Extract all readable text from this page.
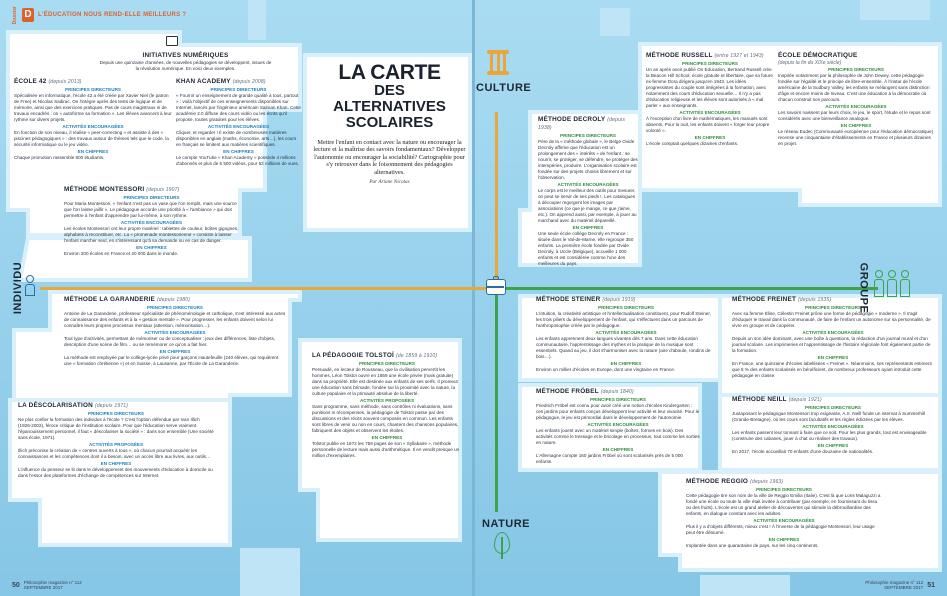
CULTURE
NATURE
INDIVIDU	GROUPE
Dossier D	L'ÉDUCATION NOUS REND-ELLE MEILLEURS ?
LA CARTE
DES
ALTERNATIVES
SCOLAIRES

Mettre l'enfant en contact avec la nature ou encourager la lecture et la maîtrise des savoirs fondamentaux? Développer l'autonomie ou encourager la sociabilité? Cartographie pour s'y retrouver dans le foisonnement des pédagogies alternatives.

Par Ariane Nicolas

INITIATIVES NUMÉRIQUES

Depuis une quinzaine d'années, de nouvelles pédagogies se développent, issues de la révolution numérique. En voici deux exemples.

ÉCOLE 42 (depuis 2013)
PRINCIPES DIRECTEURS

Spécialisée en informatique, l'école 42 a été créée par Xavier Niel (le patron de Free) et Nicolas Sadirac. On l'intègre après des tests de logique et de mémoire, ainsi que des exercices pratiques. Pas de cours magistraux ni de travaux encadrés : on « autoforme sa formation ». Les élèves avancent à leur rythme sur divers projets.

ACTIVITÉS ENCOURAGÉES

En fonction de son niveau, il réalise « peer-correcting » et assiste à des « piscines pédagogiques » : des travaux autour de thèmes tels que le code, la sécurité informatique ou le jeu vidéo.

EN CHIFFRES

Chaque promotion rassemble 800 étudiants.

KHAN ACADEMY (depuis 2008)
PRINCIPES DIRECTEURS

« Fournir un enseignement de grande qualité à tous, partout » : voilà l'objectif de ces enseignements disponibles sur Internet, lancés par l'ingénieur américain Salman Khan. Cette académie 2.0 diffuse des cours vidéo ou les écrits qu'il propose, toutes gratuites pour les élèves.

ACTIVITÉS ENCOURAGÉES

Cliquer, et regarder ! Il existe de nombreuses matières disponibles en anglais (maths, économie, arts…), les cours en français se limitent aux matières scientifiques.

EN CHIFFRES

Le compte YouTube « Khan Academy » possède 4 millions d'abonnés et plus de 5 500 vidéos, pour 52 millions de vues.

MÉTHODE MONTESSORI (depuis 1907)
PRINCIPES DIRECTEURS

Pour Maria Montessori, « l'enfant n'est pas un vase que l'on remplit, mais une source que l'on laisse jaillir ». Le pédagogue accorde une priorité à « l'ambiance » qui doit permettre à l'enfant d'apprendre par lui-même, à son rythme.

ACTIVITÉS ENCOURAGÉES

Les écoles Montessori ont leur propre matériel : tablettes de couleur, boîtes gigognes, alphabets à reconstituer, etc. La « promenade montessorienne » consiste à laisser l'enfant marcher seul, en s'intéressant qu'à sa demande ou en cas de danger.

EN CHIFFRES

Environ 200 écoles en France et 20 000 dans le monde.

MÉTHODE LA GARANDERIE (depuis 1980)
PRINCIPES DIRECTEURS

Antoine de La Garanderie, professeur spécialiste de phénoménologie et catholique, s'est intéressé aux actes de connaissance des enfants et à la « gestion mentale ». Pour progresser, les enfants doivent selon lui connaître leurs propres processus mentaux (attention, mémorisation…).

ACTIVITÉS ENCOURAGÉES

Tout type d'activités, permettant de mémoriser ou de conceptualiser : jeux des différences, liste d'objets, description d'une scène de film… ou se remémorer ce qu'on a fait hier.

EN CHIFFRES

La méthode est employée par le collège-lycée privé pour garçons Hautefeuille (240 élèves, qui requièrent une « formation chrétienne ») et en Suisse, à Lausanne, par l'École de La Garanderie.

LA DÉSCOLARISATION (depuis 1971)
PRINCIPES DIRECTEURS

Ne plus confier la formation des individus à l'école ? C'est l'option défendue par Ivan Illich (1926-2002), féroce critique de l'institution scolaire. Pour que l'éducation serve vraiment l'épanouissement personnel, il faut « déscolariser la société » : dans son ensemble (Une société sans école, 1971).

ACTIVITÉS PROPOSÉES

Illich préconise la création de « centres ouverts à tous », où chacun pourrait acquérir les connaissances et les compétences dont il a besoin, avec un accès libre aux livres, aux outils…

EN CHIFFRES

L'influence du penseur se lit dans le développement des mouvements d'éducation à domicile ou dans l'essor des plateformes d'échange de compétences sur Internet.

LA PÉDAGOGIE TOLSTOÏ (de 1859 à 1910)
PRINCIPES DIRECTEURS

Persuadé, en lecteur de Rousseau, que la civilisation pervertit les hommes, Léon Tolstoï ouvre en 1859 une école privée (mais gratuite) dans sa propriété. Elle est destinée aux enfants de ses serfs. Il promeut une éducation sans brimade, fondée sur la proximité avec la nature, la culture populaire et la primauté absolue de la liberté.

ACTIVITÉS PROPOSÉES

Sans programme, sans méthode, sans contrôles ni évaluations, sans punitions ni récompenses, la pédagogie de Tolstoï passe par des discussions et des récits souvent composés en commun. Les enfants sont libres de venir ou non en cours, chantent des chansons populaires, fabriquent des objets et observent les étoiles.

EN CHIFFRES

Tolstoï publie en 1872 les 758 pages de son « Syllabaire », méthode personnelle de lecture mais aussi d'arithmétique. Il en vendit presque un million d'exemplaires.

MÉTHODE DECROLY (depuis 1938)
PRINCIPES DIRECTEURS

Père de la « méthode globale », le Belge Ovide Decroly affirme que l'éducation est un prolongement des « intérêts » de l'enfant : se nourrir, se protéger, se défendre, se protéger des intempéries, produire. L'organisation scolaire est fondée sur des projets choisis librement et sur l'observation.

ACTIVITÉS ENCOURAGÉES

Le corps est le meilleur des outils pour mesurer, on peut se servir de ses pieds !. Les catalogues à découper regorgent les images par associations (ce que je mange, ce que j'aime, etc.). On apprend aussi, par exemple, à jouer au marchand avec du matériel dépareillé.

EN CHIFFRES

Une seule école collège Decroly en France : située dans le Val-de-Marne, elle regroupe 350 enfants. La première école fondée par Ovide Decroly, à Uccle (Belgique), accueille 1 000 enfants et est considérée comme l'une des meilleures du pays.

MÉTHODE RUSSELL (entre 1927 et 1943)
PRINCIPES DIRECTEURS

Un an après avoir publié On Education, Bertrand Russell crée la Beacon Hill School, école gratuite et libertaire, que sa future ex-femme Dora dirigera jusqu'en 1943. Les idées progressistes du couple sont intégrées à la formation, avec notamment des cours d'éducation sexuelle… Il n'y a pas d'éducation religieuse et les élèves sont autorisés à « mal parler » aux enseignants.

ACTIVITÉS ENCOURAGÉES

À l'exception d'un livre de mathématiques, les manuels sont absents. Pour la nuit, les enfants doivent « forger leur propre volonté ».

EN CHIFFRES

L'école comptait quelques dizaines d'enfants.

ÉCOLE DÉMOCRATIQUE
(depuis la fin du XIXe siècle)
PRINCIPES DIRECTEURS

Inspirée notamment par la philosophie de John Dewey, cette pédagogie fondée sur l'égalité et le principe de libre-ensemble. À l'instar de l'école américaine de la Sudbury Valley, les enfants se mélangent sans distinction d'âge et encore moins de niveau. C'est une éducation à la démocratie où chacun construit son parcours.

ACTIVITÉS ENCOURAGÉES

Les savoirs naissent par leurs choix, le jeu, le sport, l'étude et le repos sont considérés avec une bienveillance analogue.

EN CHIFFRES

Le réseau Eudec (Communauté européenne pour l'éducation démocratique) recense une cinquantaine d'établissements en France et plusieurs dizaines en projet.

MÉTHODE STEINER (depuis 1919)
PRINCIPES DIRECTEURS

L'intuition, la créativité artistique et l'intellectualisation constituent, pour Rudolf Steiner, les trois piliers du développement de l'enfant, qui s'effectuent dans un parcours de l'anthroposophie créée par le pédagogue.

ACTIVITÉS ENCOURAGÉES

Les enfants apprennent deux langues vivantes dès 7 ans. Dans cette éducation communautaire, l'apprentissage des mythes et la pratique de la musique sont essentiels. Quand au jeu, il doit s'harmoniser avec la nature (aire d'aboule, rondins de bois…).

EN CHIFFRES

Environ un millier d'écoles en Europe, dont une vingtaine en France.

MÉTHODE FRÖBEL (depuis 1840)
PRINCIPES DIRECTEURS

Friedrich Fröbel est connu pour avoir créé une notion d'écoles Kindergarten : ces jardins pour enfants conçus développent leur activité et leur vivacité. Pour le pédagogue, le jeu est primordial dans le développement de l'autonomie.

ACTIVITÉS ENCOURAGÉES

Les enfants jouent avec un matériel simple (boîtes, formes en bois). Des activités comme le tressage et le bricolage en processus, tout comme les sorties en nature.

EN CHIFFRES

L'Allemagne compte 160 jardins Fröbel où sont scolarisés près de 5 000 enfants.

MÉTHODE FREINET (depuis 1935)
PRINCIPES DIRECTEURS

Avec sa femme Élise, Célestin Freinet prône une forme de pédagogie « moderne ». Il s'agit d'éduquer le travail dans la communauté, de faire de l'enfant un autonome sur sa personnalité, de vivre en groupe et de coopérer.

ACTIVITÉS ENCOURAGÉES

Depuis un son idée dominant, avec une boîte à questions, la rédaction d'un journal mural et d'un journal scolaire. Les imprimeries et l'apprentissage de l'histoire régionale font également partie de la formation.

EN CHIFFRES

En France, une quinzaine d'écoles labellisées « Freinet ». Néanmoins, ses représentants estiment que 5 % des enfants scolarisés en bénéficient, de nombreux professeurs ayant introduit cette pédagogie en classe.

MÉTHODE NEILL (depuis 1921)
PRINCIPES DIRECTEURS

Juxtaposant le pédagogue Montessori trop exigeante, A.S. Neill fonde un internat à Summerhill (Grande-Bretagne), où les cours sont facultatifs et les règles édictées par les élèves.

ACTIVITÉS ENCOURAGÉES

Les enfants passent leur tonnant à faire que ce soit. Pour les plus grands, tout est envisageable (construire des cabanes, jouer à chat ou réaliser des travaux).

EN CHIFFRES

En 2017, l'école accueillait 70 enfants d'une douzaine de nationalités.

MÉTHODE REGGIO (depuis 1963)
PRINCIPES DIRECTEURS

Cette pédagogie tire son nom de la ville de Reggio Emilia (Italie). C'est là que Loris Malaguzzi a fondé une école ou toute la ville était invitée à contribuer (par exemple, en fournissant du tissu ou des fruits). L'école est un grand atelier de découvertes qui stimule la débrouillardise des enfants, en dialogue constant avec les adultes.

ACTIVITÉS ENCOURAGÉES

Plus il y a d'objets différents, mieux c'est ! À l'inverse de la pédagogie Montessori, leur usage peut être détourné.

EN CHIFFRES

Implantée dans une quarantaine de pays, sur les cinq continents.

50 Philosophie magazine n° 112
SEPTEMBRE 2017
Philosophie magazine n° 112
SEPTEMBRE 2017 51
